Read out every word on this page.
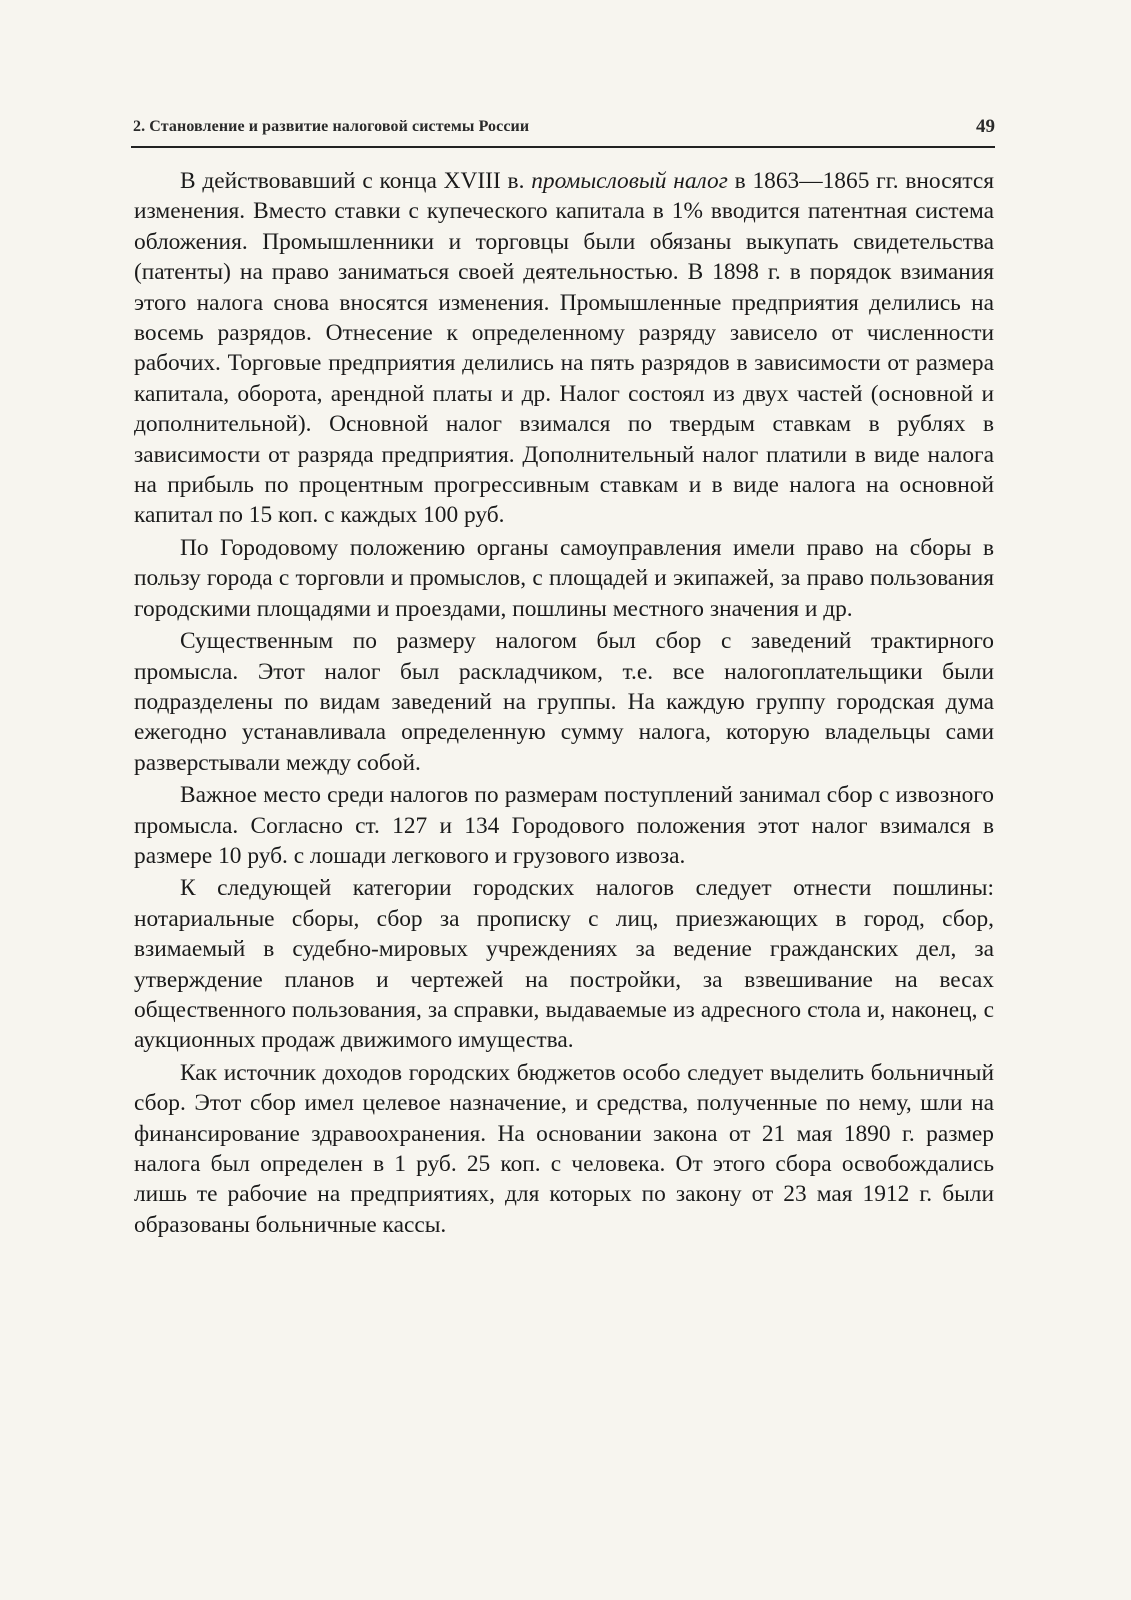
2. Становление и развитие налоговой системы России	49

В действовавший с конца XVIII в. промысловый налог в 1863—1865 гг. вносятся изменения. Вместо ставки с купеческого капитала в 1% вводится патентная система обложения. Промышленники и торговцы были обязаны выкупать свидетельства (патенты) на право заниматься своей деятельностью. В 1898 г. в порядок взимания этого налога снова вносятся изменения. Промышленные предприятия делились на восемь разрядов. Отнесение к определенному разряду зависело от численности рабочих. Торговые предприятия делились на пять разрядов в зависимости от размера капитала, оборота, арендной платы и др. Налог состоял из двух частей (основной и дополнительной). Основной налог взимался по твердым ставкам в рублях в зависимости от разряда предприятия. Дополнительный налог платили в виде налога на прибыль по процентным прогрессивным ставкам и в виде налога на основной капитал по 15 коп. с каждых 100 руб.

По Городовому положению органы самоуправления имели право на сборы в пользу города с торговли и промыслов, с площадей и экипажей, за право пользования городскими площадями и проездами, пошлины местного значения и др.

Существенным по размеру налогом был сбор с заведений трактирного промысла. Этот налог был раскладчиком, т.е. все налогоплательщики были подразделены по видам заведений на группы. На каждую группу городская дума ежегодно устанавливала определенную сумму налога, которую владельцы сами разверстывали между собой.

Важное место среди налогов по размерам поступлений занимал сбор с извозного промысла. Согласно ст. 127 и 134 Городового положения этот налог взимался в размере 10 руб. с лошади легкового и грузового извоза.

К следующей категории городских налогов следует отнести пошлины: нотариальные сборы, сбор за прописку с лиц, приезжающих в город, сбор, взимаемый в судебно-мировых учреждениях за ведение гражданских дел, за утверждение планов и чертежей на постройки, за взвешивание на весах общественного пользования, за справки, выдаваемые из адресного стола и, наконец, с аукционных продаж движимого имущества.

Как источник доходов городских бюджетов особо следует выделить больничный сбор. Этот сбор имел целевое назначение, и средства, полученные по нему, шли на финансирование здравоохранения. На основании закона от 21 мая 1890 г. размер налога был определен в 1 руб. 25 коп. с человека. От этого сбора освобождались лишь те рабочие на предприятиях, для которых по закону от 23 мая 1912 г. были образованы больничные кассы.
